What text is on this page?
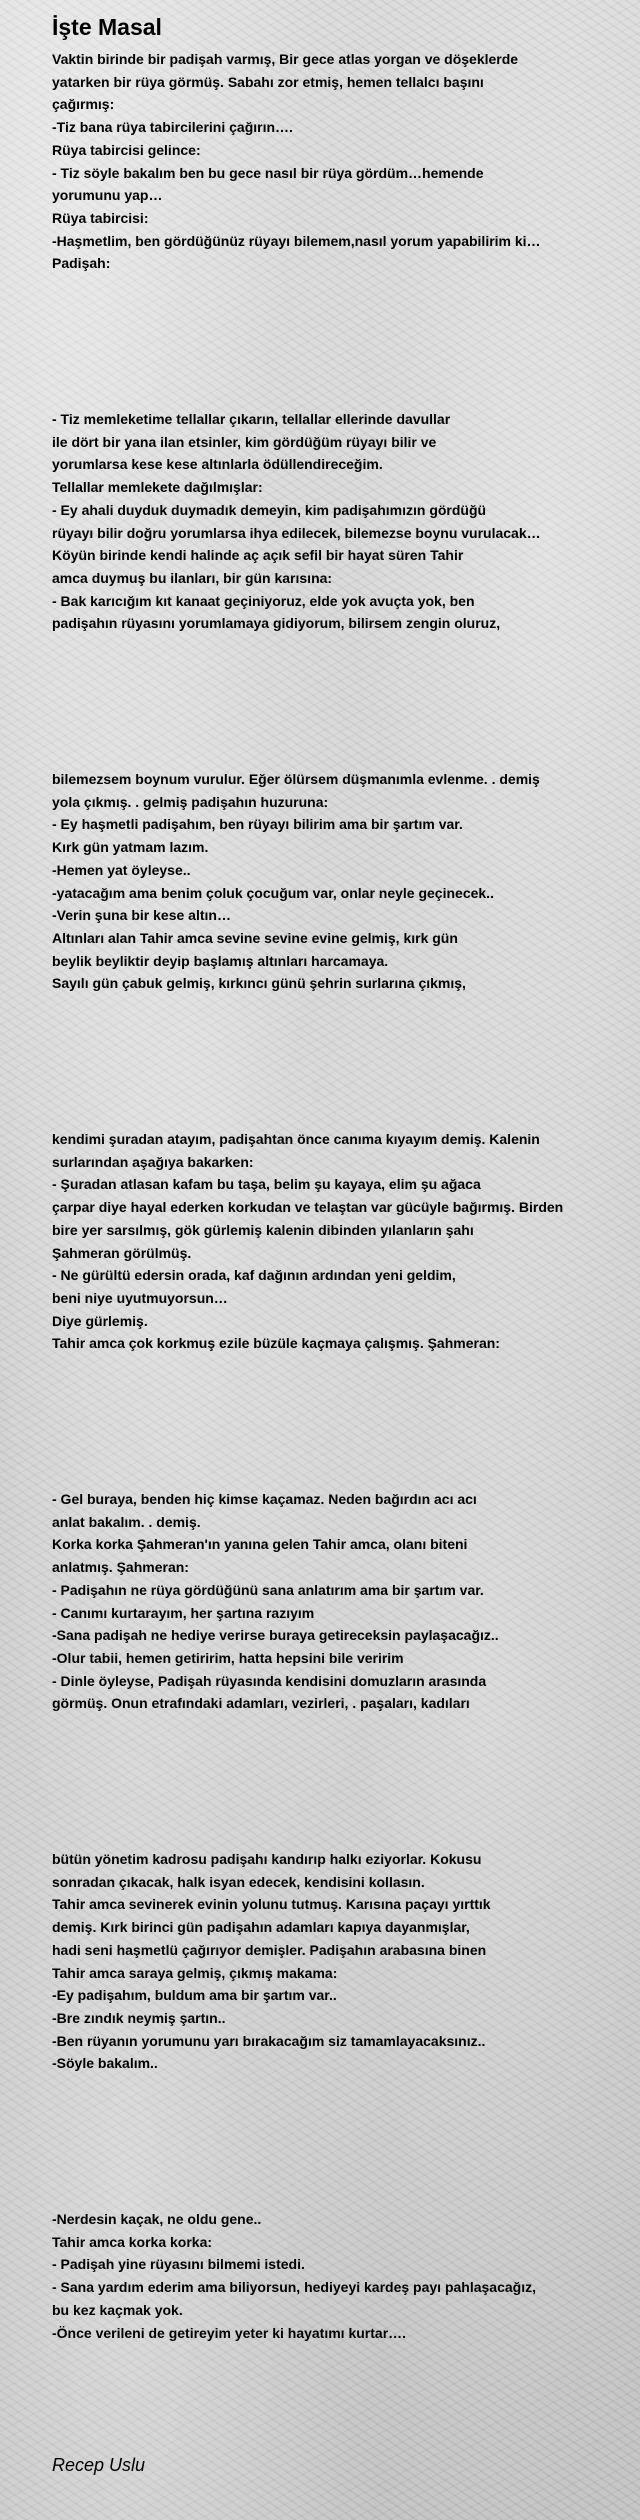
İşte Masal
Vaktin birinde bir padişah varmış, Bir gece atlas yorgan ve döşeklerde
yatarken bir rüya görmüş. Sabahı zor etmiş, hemen tellalcı başını
çağırmış:
-Tiz bana rüya tabircilerini çağırın….
Rüya tabircisi gelince:
- Tiz söyle bakalım ben bu gece nasıl bir rüya gördüm…hemende
yorumunu yap…
Rüya tabircisi:
-Haşmetlim, ben gördüğünüz rüyayı bilemem,nasıl yorum yapabilirim ki…
Padişah:
- Tiz memleketime tellallar çıkarın, tellallar ellerinde davullar
ile dört bir yana ilan etsinler, kim gördüğüm rüyayı bilir ve
yorumlarsa kese kese altınlarla ödüllendireceğim.
Tellallar memlekete dağılmışlar:
- Ey ahali duyduk duymadık demeyin, kim padişahımızın gördüğü
rüyayı bilir doğru yorumlarsa ihya edilecek, bilemezse boynu vurulacak…
Köyün birinde kendi halinde aç açık sefil bir hayat süren Tahir
amca duymuş bu ilanları, bir gün karısına:
- Bak karıcığım kıt kanaat geçiniyoruz, elde yok avuçta yok, ben
padişahın rüyasını yorumlamaya gidiyorum, bilirsem zengin oluruz,
bilemezsem boynum vurulur. Eğer ölürsem düşmanımla evlenme. . demiş
yola çıkmış. . gelmiş padişahın huzuruna:
- Ey haşmetli padişahım, ben rüyayı bilirim ama bir şartım var.
Kırk gün yatmam lazım.
-Hemen yat öyleyse..
-yatacağım ama benim çoluk çocuğum var, onlar neyle geçinecek..
-Verin şuna bir kese altın…
Altınları alan Tahir amca sevine sevine evine gelmiş, kırk gün
beylik beyliktir deyip başlamış altınları harcamaya.
Sayılı gün çabuk gelmiş, kırkıncı günü şehrin surlarına çıkmış,
kendimi şuradan atayım, padişahtan önce canıma kıyayım demiş. Kalenin
surlarından aşağıya bakarken:
- Şuradan atlasan kafam bu taşa, belim şu kayaya, elim şu ağaca
çarpar diye hayal ederken korkudan ve telaştan var gücüyle bağırmış. Birden
bire yer sarsılmış, gök gürlemiş kalenin dibinden yılanların şahı
Şahmeran görülmüş.
- Ne gürültü edersin orada, kaf dağının ardından yeni geldim,
beni niye uyutmuyorsun…
Diye gürlemiş.
Tahir amca çok korkmuş ezile büzüle kaçmaya çalışmış. Şahmeran:
- Gel buraya, benden hiç kimse kaçamaz. Neden bağırdın acı acı
anlat bakalım. . demiş.
Korka korka Şahmeran'ın yanına gelen Tahir amca, olanı biteni
anlatmış. Şahmeran:
- Padişahın ne rüya gördüğünü sana anlatırım ama bir şartım var.
- Canımı kurtarayım, her şartına razıyım
-Sana padişah ne hediye verirse buraya getireceksin paylaşacağız..
-Olur tabii, hemen getiririm, hatta hepsini bile veririm
- Dinle öyleyse, Padişah rüyasında kendisini domuzların arasında
görmüş. Onun etrafındaki adamları, vezirleri, . paşaları, kadıları
bütün yönetim kadrosu padişahı kandırıp halkı eziyorlar. Kokusu
sonradan çıkacak, halk isyan edecek, kendisini kollasın.
Tahir amca sevinerek evinin yolunu tutmuş. Karısına paçayı yırttık
demiş. Kırk birinci gün padişahın adamları kapıya dayanmışlar,
hadi seni haşmetlü çağırıyor demişler. Padişahın arabasına binen
Tahir amca saraya gelmiş, çıkmış makama:
-Ey padişahım, buldum ama bir şartım var..
-Bre zındık neymiş şartın..
-Ben rüyanın yorumunu yarı bırakacağım siz tamamlayacaksınız..
-Söyle bakalım..
-Nerdesin kaçak, ne oldu gene..
Tahir amca korka korka:
- Padişah yine rüyasını bilmemi istedi.
- Sana yardım ederim ama biliyorsun, hediyeyi kardeş payı pahlaşacağız,
bu kez kaçmak yok.
-Önce verileni de getireyim yeter ki hayatımı kurtar….
Recep Uslu
